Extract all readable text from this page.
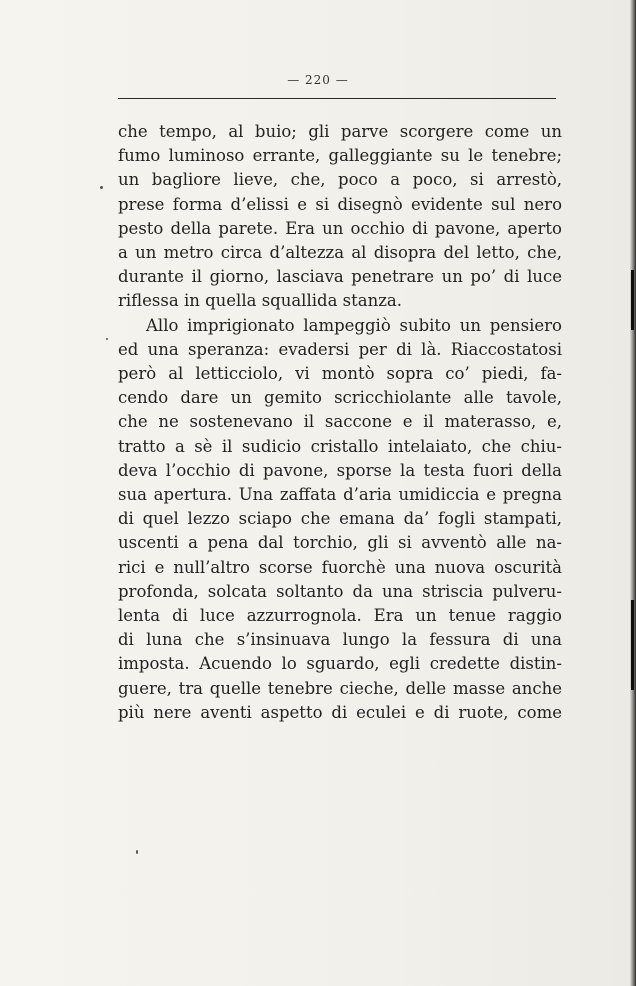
— 220 —
che tempo, al buio; gli parve scorgere come un
fumo luminoso errante, galleggiante su le tenebre;
un bagliore lieve, che, poco a poco, si arrestò,
prese forma d’elissi e si disegnò evidente sul nero
pesto della parete. Era un occhio di pavone, aperto
a un metro circa d’altezza al disopra del letto, che,
durante il giorno, lasciava penetrare un po’ di luce
riflessa in quella squallida stanza.
Allo imprigionato lampeggiò subito un pensiero
ed una speranza: evadersi per di là. Riaccostatosi
però al letticciolo, vi montò sopra co’ piedi, fa-
cendo dare un gemito scricchiolante alle tavole,
che ne sostenevano il saccone e il materasso, e,
tratto a sè il sudicio cristallo intelaiato, che chiu-
deva l’occhio di pavone, sporse la testa fuori della
sua apertura. Una zaffata d’aria umidiccia e pregna
di quel lezzo sciapo che emana da’ fogli stampati,
uscenti a pena dal torchio, gli si avventò alle na-
rici e null’altro scorse fuorchè una nuova oscurità
profonda, solcata soltanto da una striscia pulveru-
lenta di luce azzurrognola. Era un tenue raggio
di luna che s’insinuava lungo la fessura di una
imposta. Acuendo lo sguardo, egli credette distin-
guere, tra quelle tenebre cieche, delle masse anche
più nere aventi aspetto di eculei e di ruote, come
